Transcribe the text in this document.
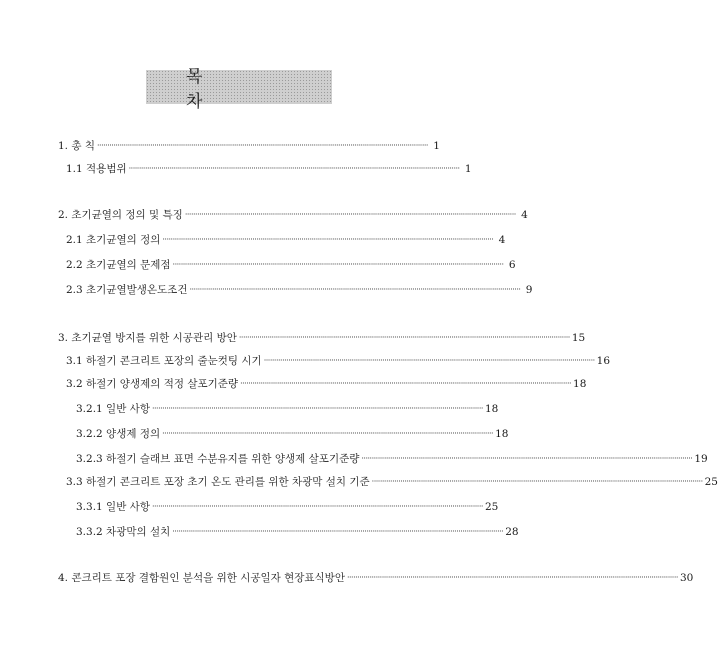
목 차
1. 총 칙 ·································································································································································· 1
1.1 적용범위 ·································································································································································· 1
2. 초기균열의 정의 및 특징 ·································································································································································· 4
2.1 초기균열의 정의 ·································································································································································· 4
2.2 초기균열의 문제점 ·································································································································································· 6
2.3 초기균열발생온도조건 ·································································································································································· 9
3. 초기균열 방지를 위한 시공관리 방안 ·································································································································································· 15
3.1 하절기 콘크리트 포장의 줄눈컷팅 시기 ·································································································································································· 16
3.2 하절기 양생제의 적정 살포기준량 ·································································································································································· 18
3.2.1 일반 사항 ·································································································································································· 18
3.2.2 양생제 정의 ·································································································································································· 18
3.2.3 하절기 슬래브 표면 수분유지를 위한 양생제 살포기준량 ·································································································································································· 19
3.3 하절기 콘크리트 포장 초기 온도 관리를 위한 차광막 설치 기준 ·································································································································································· 25
3.3.1 일반 사항 ·································································································································································· 25
3.3.2 차광막의 설치 ·································································································································································· 28
4. 콘크리트 포장 결함원인 분석을 위한 시공일자 현장표식방안 ·································································································································································· 30
